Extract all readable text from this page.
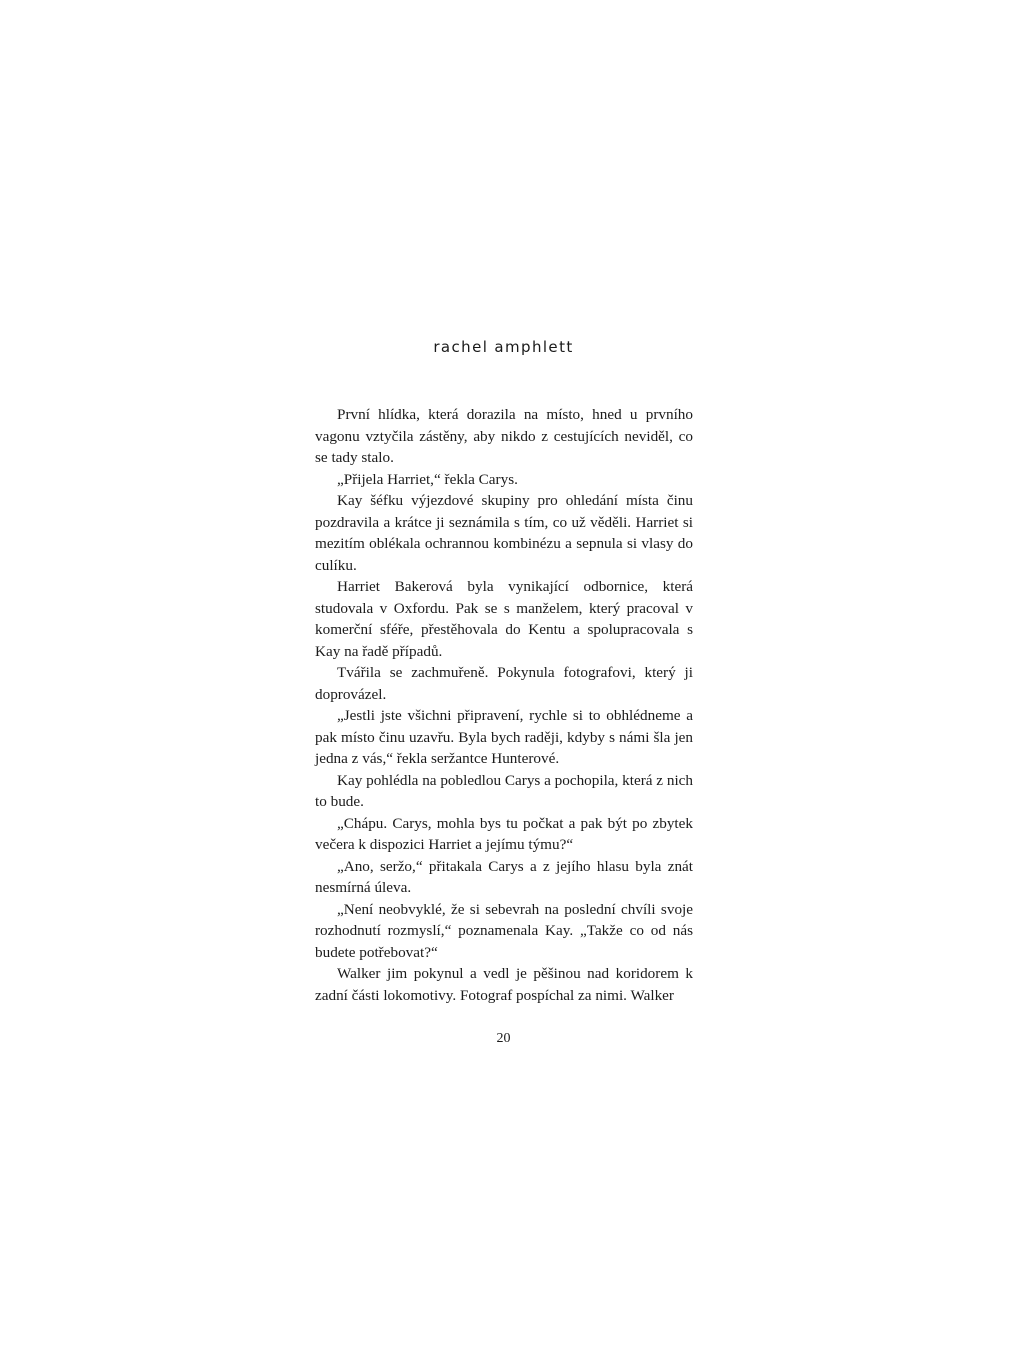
rachel amphlett

První hlídka, která dorazila na místo, hned u prvního vagonu vztyčila zástěny, aby nikdo z cestujících neviděl, co se tady stalo.

„Přijela Harriet,“ řekla Carys.

Kay šéfku výjezdové skupiny pro ohledání místa činu pozdravila a krátce ji seznámila s tím, co už věděli. Harriet si mezitím oblékala ochrannou kombinézu a sepnula si vlasy do culíku.

Harriet Bakerová byla vynikající odbornice, která studovala v Oxfordu. Pak se s manželem, který pracoval v komerční sféře, přestěhovala do Kentu a spolupracovala s Kay na řadě případů.

Tvářila se zachmuřeně. Pokynula fotografovi, který ji doprovázel.

„Jestli jste všichni připravení, rychle si to obhlédneme a pak místo činu uzavřu. Byla bych raději, kdyby s námi šla jen jedna z vás,“ řekla seržantce Hunterové.

Kay pohlédla na pobledlou Carys a pochopila, která z nich to bude.

„Chápu. Carys, mohla bys tu počkat a pak být po zbytek večera k dispozici Harriet a jejímu týmu?“

„Ano, seržo,“ přitakala Carys a z jejího hlasu byla znát nesmírná úleva.

„Není neobvyklé, že si sebevrah na poslední chvíli svoje rozhodnutí rozmyslí,“ poznamenala Kay. „Takže co od nás budete potřebovat?“

Walker jim pokynul a vedl je pěšinou nad koridorem k zadní části lokomotivy. Fotograf pospíchal za nimi. Walker

20
